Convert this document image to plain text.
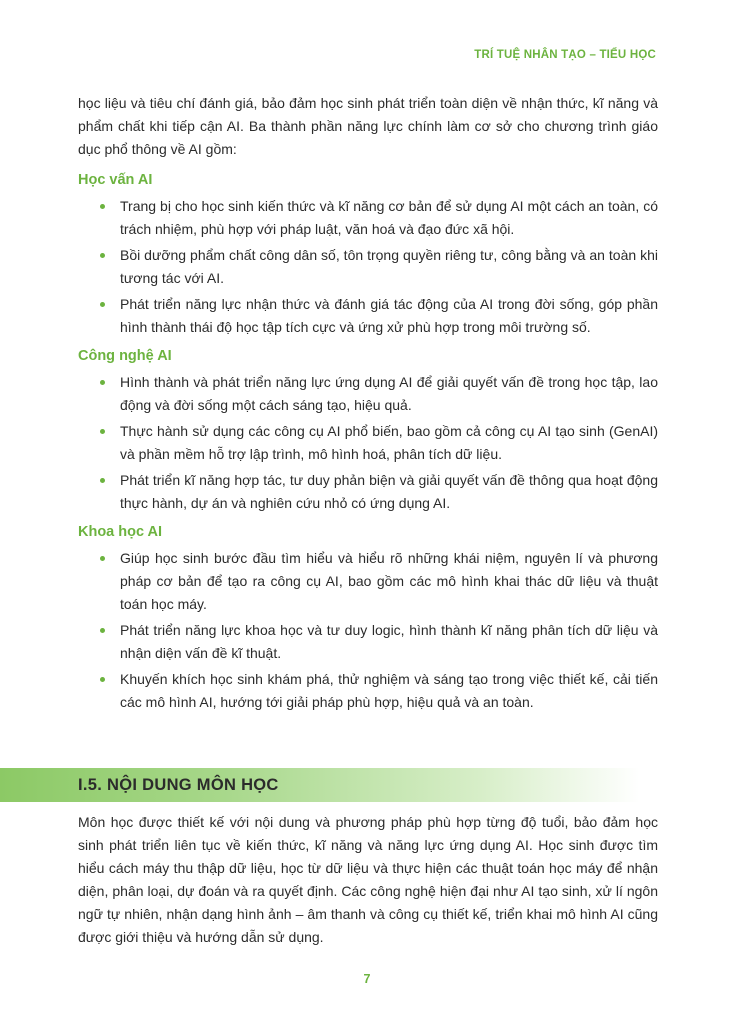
TRÍ TUỆ NHÂN TẠO – TIỂU HỌC

học liệu và tiêu chí đánh giá, bảo đảm học sinh phát triển toàn diện về nhận thức, kĩ năng và phẩm chất khi tiếp cận AI. Ba thành phần năng lực chính làm cơ sở cho chương trình giáo dục phổ thông về AI gồm:

Học vấn AI
Trang bị cho học sinh kiến thức và kĩ năng cơ bản để sử dụng AI một cách an toàn, có trách nhiệm, phù hợp với pháp luật, văn hoá và đạo đức xã hội.
Bồi dưỡng phẩm chất công dân số, tôn trọng quyền riêng tư, công bằng và an toàn khi tương tác với AI.
Phát triển năng lực nhận thức và đánh giá tác động của AI trong đời sống, góp phần hình thành thái độ học tập tích cực và ứng xử phù hợp trong môi trường số.
Công nghệ AI
Hình thành và phát triển năng lực ứng dụng AI để giải quyết vấn đề trong học tập, lao động và đời sống một cách sáng tạo, hiệu quả.
Thực hành sử dụng các công cụ AI phổ biến, bao gồm cả công cụ AI tạo sinh (GenAI) và phần mềm hỗ trợ lập trình, mô hình hoá, phân tích dữ liệu.
Phát triển kĩ năng hợp tác, tư duy phản biện và giải quyết vấn đề thông qua hoạt động thực hành, dự án và nghiên cứu nhỏ có ứng dụng AI.
Khoa học AI
Giúp học sinh bước đầu tìm hiểu và hiểu rõ những khái niệm, nguyên lí và phương pháp cơ bản để tạo ra công cụ AI, bao gồm các mô hình khai thác dữ liệu và thuật toán học máy.
Phát triển năng lực khoa học và tư duy logic, hình thành kĩ năng phân tích dữ liệu và nhận diện vấn đề kĩ thuật.
Khuyến khích học sinh khám phá, thử nghiệm và sáng tạo trong việc thiết kế, cải tiến các mô hình AI, hướng tới giải pháp phù hợp, hiệu quả và an toàn.
I.5. NỘI DUNG MÔN HỌC

Môn học được thiết kế với nội dung và phương pháp phù hợp từng độ tuổi, bảo đảm học sinh phát triển liên tục về kiến thức, kĩ năng và năng lực ứng dụng AI. Học sinh được tìm hiểu cách máy thu thập dữ liệu, học từ dữ liệu và thực hiện các thuật toán học máy để nhận diện, phân loại, dự đoán và ra quyết định. Các công nghệ hiện đại như AI tạo sinh, xử lí ngôn ngữ tự nhiên, nhận dạng hình ảnh – âm thanh và công cụ thiết kế, triển khai mô hình AI cũng được giới thiệu và hướng dẫn sử dụng.

7
